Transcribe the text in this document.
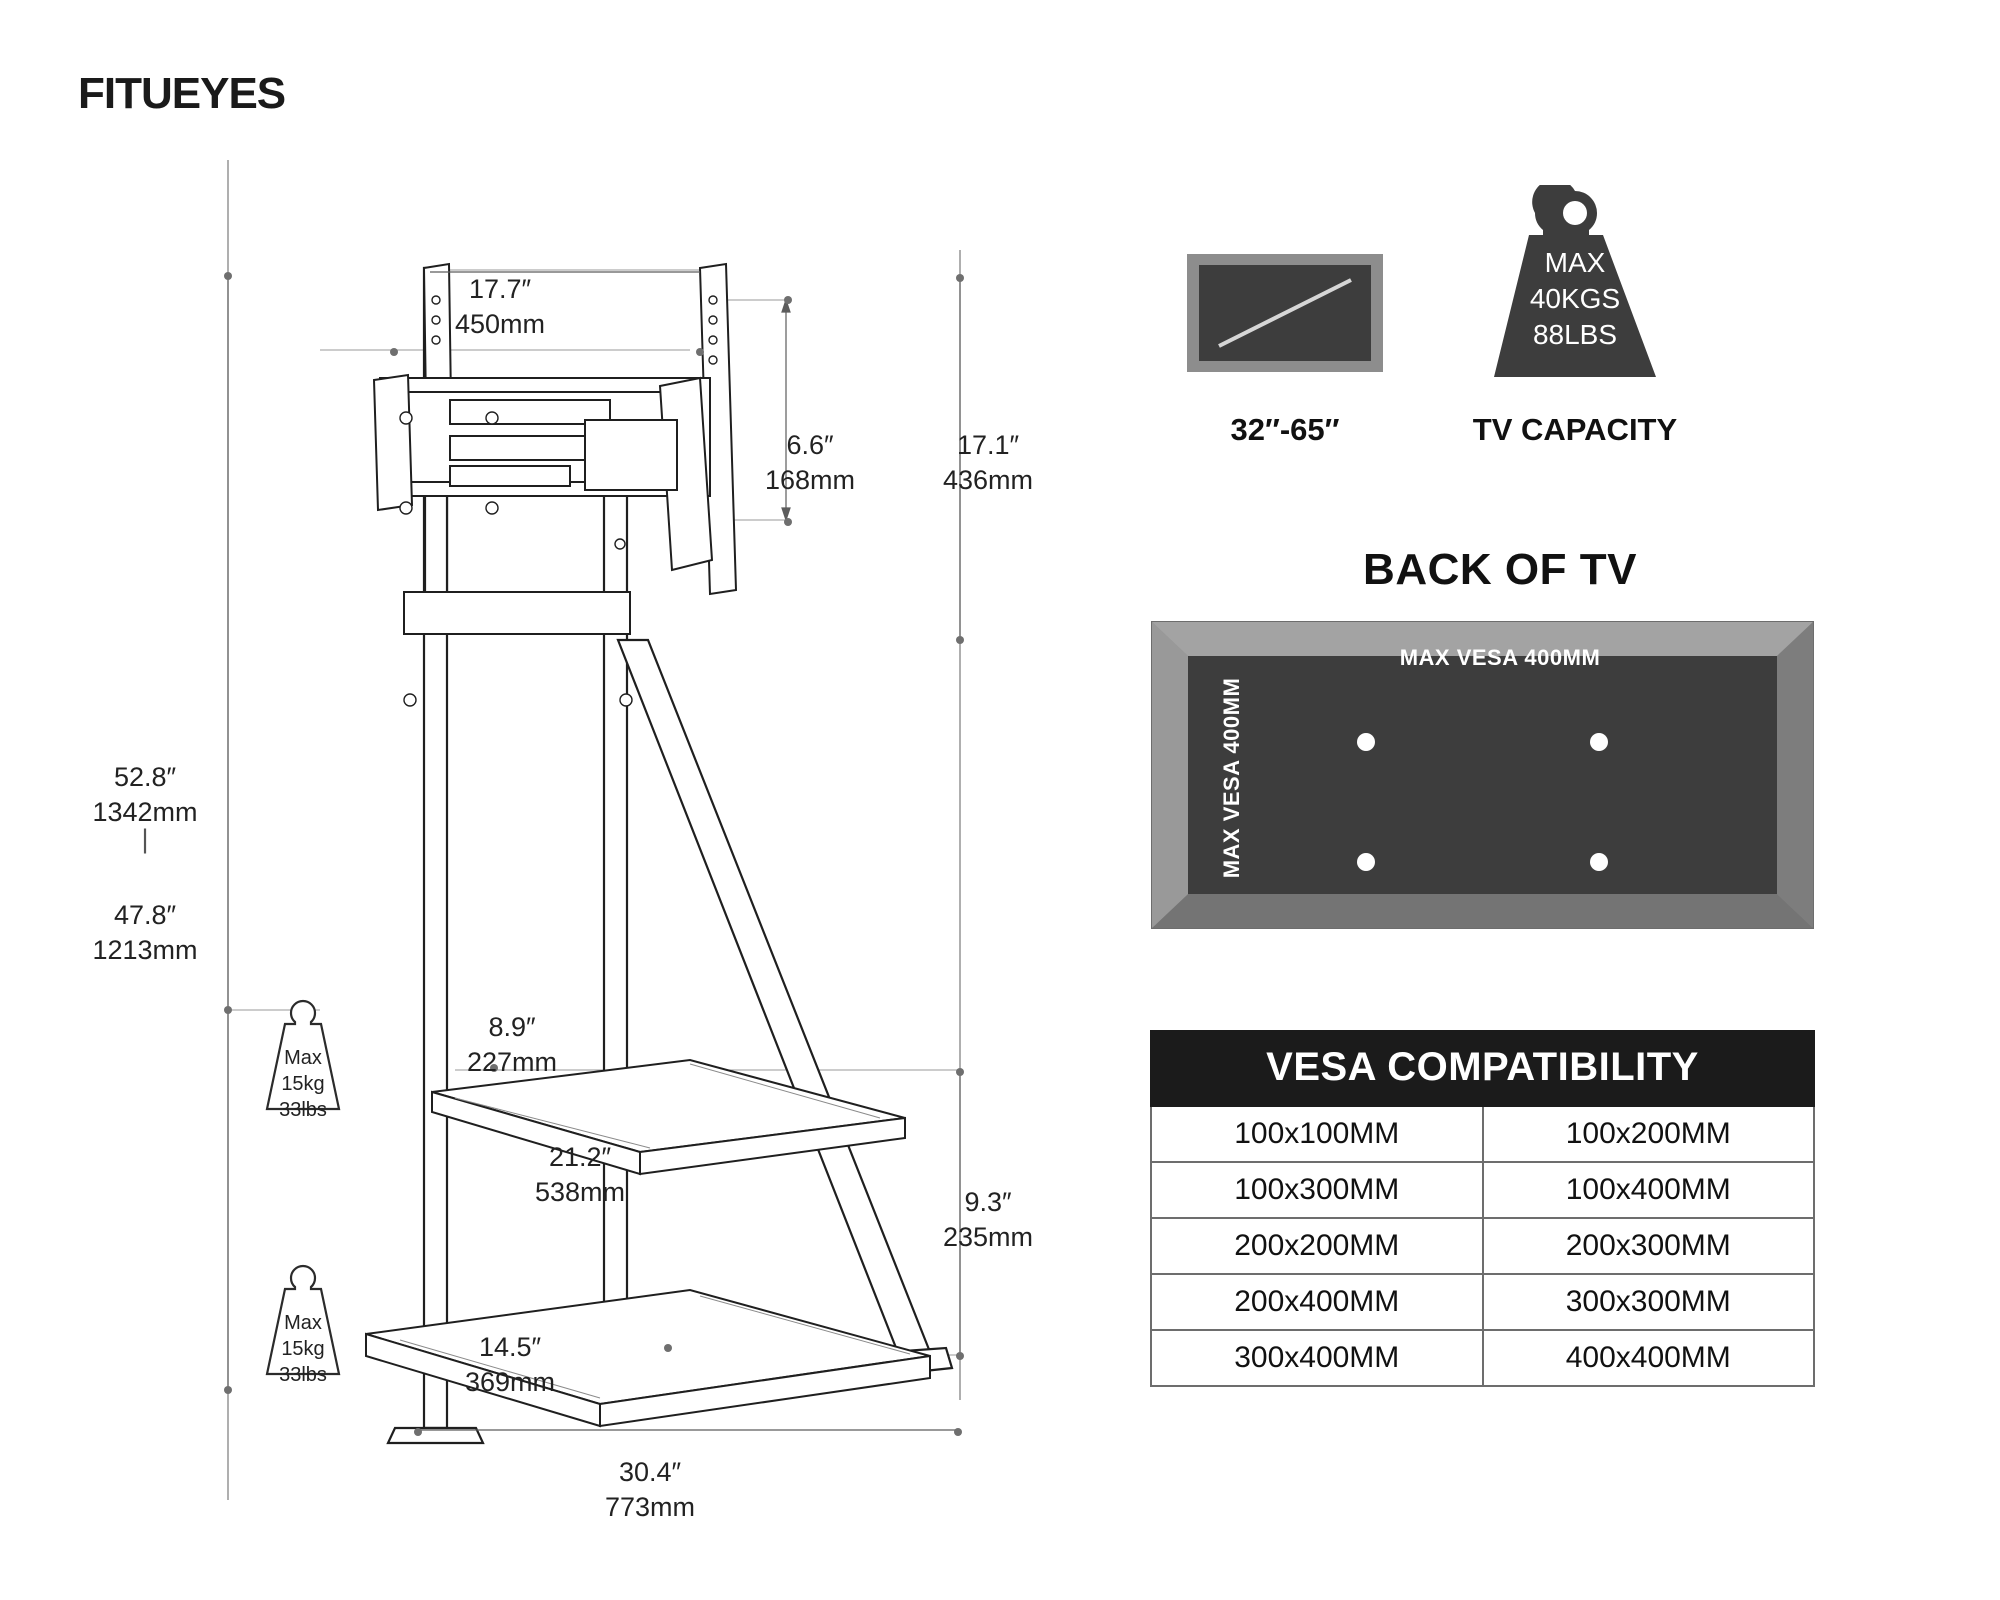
FITUEYES
17.7″
450mm
6.6″
168mm
17.1″
436mm
52.8″
1342mm
|
47.8″
1213mm
8.9″
227mm
21.2″
538mm	9.3″
235mm
14.5″
369mm
30.4″
773mm
Max
15kg
33lbs
Max
15kg
33lbs
32″-65″
MAX
40KGS
88LBS
TV CAPACITY
BACK OF TV
MAX VESA 400MM
MAX VESA 400MM
VESA COMPATIBILITY	
100x100MM	100x200MM
100x300MM	100x400MM
200x200MM	200x300MM
200x400MM	300x300MM
300x400MM	400x400MM
